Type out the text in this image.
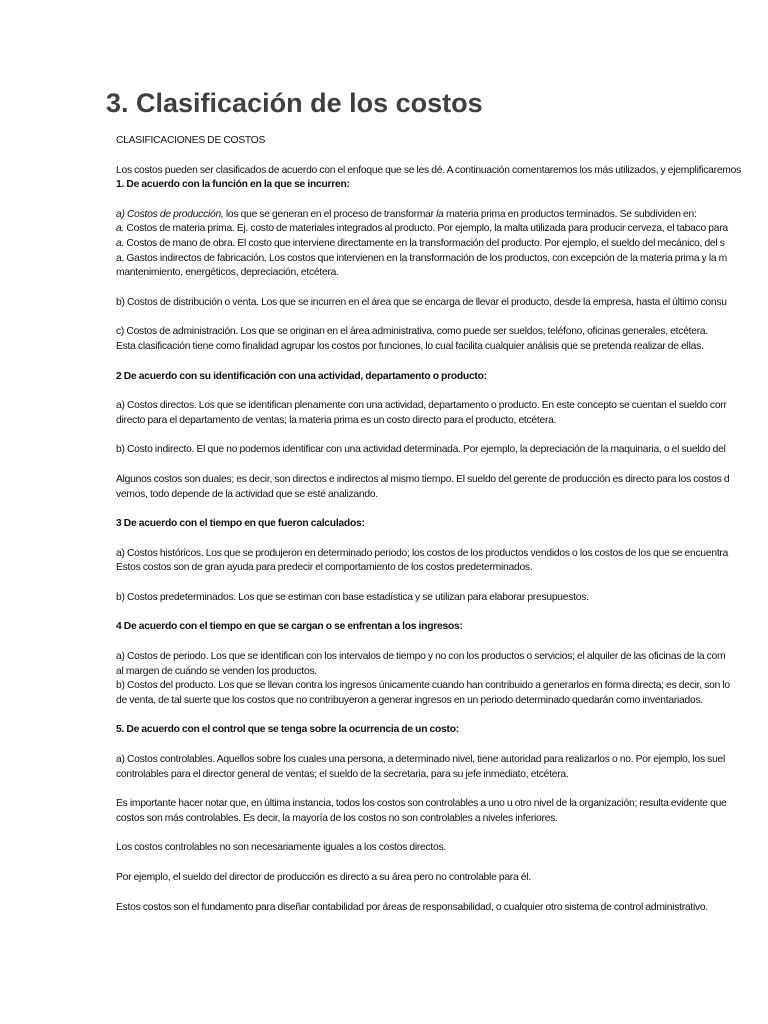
3. Clasificación de los costos
CLASIFICACIONES DE COSTOS
Los costos pueden ser clasificados de acuerdo con el enfoque que se les dé. A continuación comentaremos los más utilizados, y ejemplificaremos
1. De acuerdo con la función en la que se incurren:
a) Costos de producción, los que se generan en el proceso de transformar la materia prima en productos terminados. Se subdividen en:
a. Costos de materia prima. Ej. costo de materiales integrados al producto. Por ejemplo, la malta utilizada para producir cerveza, el tabaco para
a. Costos de mano de obra. El costo que interviene directamente en la transformación del producto. Por ejemplo, el sueldo del mecánico, del s
a. Gastos indirectos de fabricación. Los costos que intervienen en la transformación de los productos, con excepción de la materia prima y la m
mantenimiento, energéticos, depreciación, etcétera.
b) Costos de distribución o venta. Los que se incurren en el área que se encarga de llevar el producto, desde la empresa, hasta el último consu
c) Costos de administración. Los que se originan en el área administrativa, como puede ser sueldos, teléfono, oficinas generales, etcétera.
Esta clasificación tiene como finalidad agrupar los costos por funciones, lo cual facilita cualquier análisis que se pretenda realizar de ellas.
2 De acuerdo con su identificación con una actividad, departamento o producto:
a) Costos directos. Los que se identifican plenamente con una actividad, departamento o producto. En este concepto se cuentan el sueldo corr
directo para el departamento de ventas; la materia prima es un costo directo para el producto, etcétera.
b) Costo indirecto. El que no podemos identificar con una actividad determinada. Por ejemplo, la depreciación de la maquinaria, o el sueldo del
Algunos costos son duales; es decir, son directos e indirectos al mismo tiempo. El sueldo del gerente de producción es directo para los costos d
vemos, todo depende de la actividad que se esté analizando.
3 De acuerdo con el tiempo en que fueron calculados:
a) Costos históricos. Los que se produjeron en determinado periodo; los costos de los productos vendidos o los costos de los que se encuentra
Estos costos son de gran ayuda para predecir el comportamiento de los costos predeterminados.
b) Costos predeterminados. Los que se estiman con base estadística y se utilizan para elaborar presupuestos.
4 De acuerdo con el tiempo en que se cargan o se enfrentan a los ingresos:
a) Costos de periodo. Los que se identifican con los intervalos de tiempo y no con los productos o servicios; el alquiler de las oficinas de la com
al margen de cuándo se venden los productos.
b) Costos del producto. Los que se llevan contra los ingresos únicamente cuando han contribuido a generarlos en forma directa; es decir, son lo
de venta, de tal suerte que los costos que no contribuyeron a generar ingresos en un periodo determinado quedarán como inventariados.
5. De acuerdo con el control que se tenga sobre la ocurrencia de un costo:
a) Costos controlables. Aquellos sobre los cuales una persona, a determinado nivel, tiene autoridad para realizarlos o no. Por ejemplo, los suel
controlables para el director general de ventas; el sueldo de la secretaria, para su jefe inmediato, etcétera.
Es importante hacer notar que, en última instancia, todos los costos son controlables a uno u otro nivel de la organización; resulta evidente que
costos son más controlables. Es decir, la mayoría de los costos no son controlables a niveles inferiores.
Los costos controlables no son necesariamente iguales a los costos directos.
Por ejemplo, el sueldo del director de producción es directo a su área pero no controlable para él.
Estos costos son el fundamento para diseñar contabilidad por áreas de responsabilidad, o cualquier otro sistema de control administrativo.
